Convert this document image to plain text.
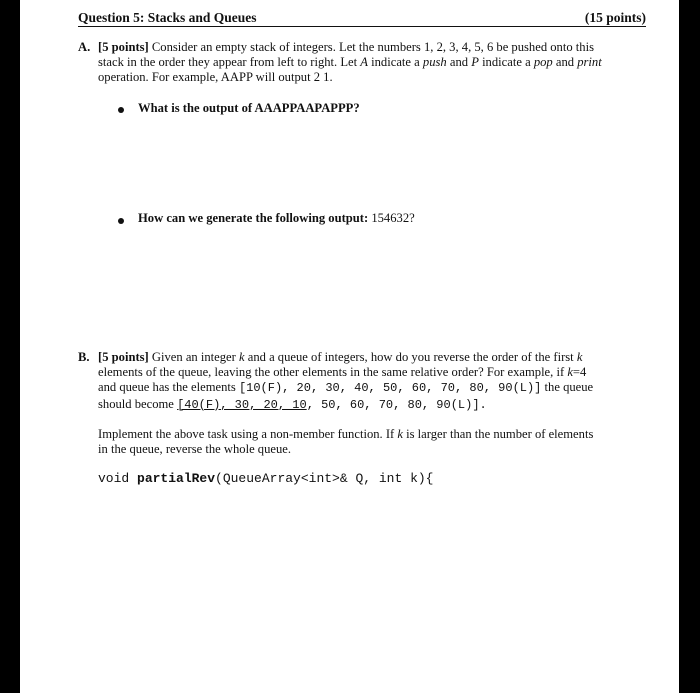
Question 5: Stacks and Queues	(15 points)
A. [5 points] Consider an empty stack of integers. Let the numbers 1, 2, 3, 4, 5, 6 be pushed onto this
stack in the order they appear from left to right. Let A indicate a push and P indicate a pop and print
operation. For example, AAPP will output 2 1.
What is the output of AAAPPAAPAPPP?
How can we generate the following output: 154632?
B. [5 points] Given an integer k and a queue of integers, how do you reverse the order of the first k
elements of the queue, leaving the other elements in the same relative order? For example, if k=4
and queue has the elements [10(F), 20, 30, 40, 50, 60, 70, 80, 90(L)] the queue
should become [40(F), 30, 20, 10, 50, 60, 70, 80, 90(L)].
Implement the above task using a non-member function. If k is larger than the number of elements
in the queue, reverse the whole queue.
void partialRev(QueueArray<int>& Q, int k){
